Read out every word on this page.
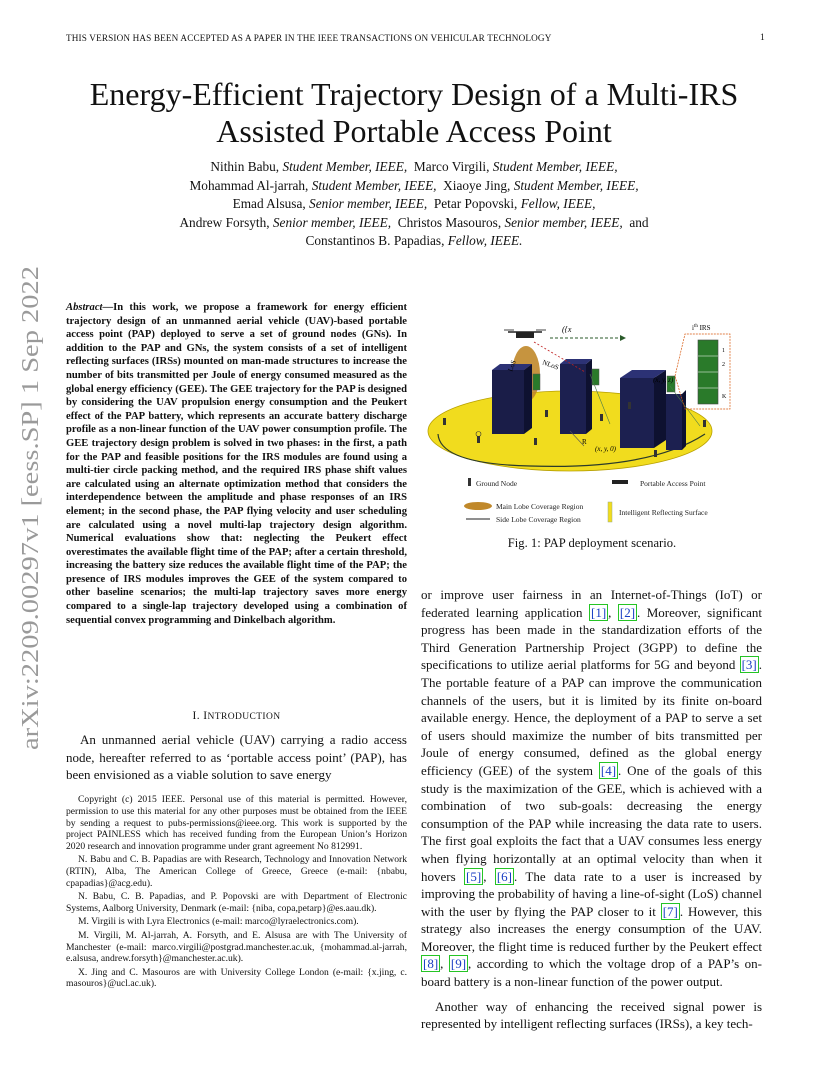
THIS VERSION HAS BEEN ACCEPTED AS A PAPER IN THE IEEE TRANSACTIONS ON VEHICULAR TECHNOLOGY	1
Energy-Efficient Trajectory Design of a Multi-IRS Assisted Portable Access Point
Nithin Babu, Student Member, IEEE, Marco Virgili, Student Member, IEEE,
Mohammad Al-jarrah, Student Member, IEEE, Xiaoye Jing, Student Member, IEEE,
Emad Alsusa, Senior member, IEEE, Petar Popovski, Fellow, IEEE,
Andrew Forsyth, Senior member, IEEE, Christos Masouros, Senior member, IEEE, and
Constantinos B. Papadias, Fellow, IEEE.
arXiv:2209.00297v1 [eess.SP] 1 Sep 2022
Abstract—In this work, we propose a framework for energy efficient trajectory design of an unmanned aerial vehicle (UAV)-based portable access point (PAP) deployed to serve a set of ground nodes (GNs). In addition to the PAP and GNs, the system consists of a set of intelligent reflecting surfaces (IRSs) mounted on man-made structures to increase the number of bits transmitted per Joule of energy consumed measured as the global energy efficiency (GEE). The GEE trajectory for the PAP is designed by considering the UAV propulsion energy consumption and the Peukert effect of the PAP battery, which represents an accurate battery discharge profile as a non-linear function of the UAV power consumption profile. The GEE trajectory design problem is solved in two phases: in the first, a path for the PAP and feasible positions for the IRS modules are found using a multi-tier circle packing method, and the required IRS phase shift values are calculated using an alternate optimization method that considers the interdependence between the amplitude and phase responses of an IRS element; in the second phase, the PAP flying velocity and user scheduling are calculated using a novel multi-lap trajectory design algorithm. Numerical evaluations show that: neglecting the Peukert effect overestimates the available flight time of the PAP; after a certain threshold, increasing the battery size reduces the available flight time of the PAP; the presence of IRS modules improves the GEE of the system compared to other baseline scenarios; the multi-lap trajectory saves more energy compared to a single-lap trajectory developed using a combination of sequential convex programming and Dinkelbach algorithm.
I. INTRODUCTION
An unmanned aerial vehicle (UAV) carrying a radio access node, hereafter referred to as ‘portable access point’ (PAP), has been envisioned as a viable solution to save energy

Copyright (c) 2015 IEEE. Personal use of this material is permitted. However, permission to use this material for any other purposes must be obtained from the IEEE by sending a request to pubs-permissions@ieee.org. This work is supported by the project PAINLESS which has received funding from the European Union’s Horizon 2020 research and innovation programme under grant agreement No 812991.

N. Babu and C. B. Papadias are with Research, Technology and Innovation Network (RTIN), Alba, The American College of Greece, Greece (e-mail: {nbabu, cpapadias}@acg.edu).

N. Babu, C. B. Papadias, and P. Popovski are with Department of Electronic Systems, Aalborg University, Denmark (e-mail: {niba, copa,petarp}@es.aau.dk).

M. Virgili is with Lyra Electronics (e-mail: marco@lyraelectronics.com).

M. Virgili, M. Al-jarrah, A. Forsyth, and E. Alsusa are with The University of Manchester (e-mail: marco.virgili@postgrad.manchester.ac.uk, {mohammad.al-jarrah, e.alsusa, andrew.forsyth}@manchester.ac.uk).

X. Jing and C. Masouros are with University College London (e-mail: {x.jing, c. masouros}@ucl.ac.uk).

({x
NLoS
LoS
R
(x, y, 0)
(x, y, z)
$i^{th}$ IRS
1
2
K
Ground Node	Portable Access Point
Main Lobe Coverage Region
Side Lobe Coverage Region
Intelligent Reflecting Surface
Fig. 1: PAP deployment scenario.

or improve user fairness in an Internet-of-Things (IoT) or federated learning application [1] , [2] . Moreover, significant progress has been made in the standardization efforts of the Third Generation Partnership Project (3GPP) to define the specifications to utilize aerial platforms for 5G and beyond [3] . The portable feature of a PAP can improve the communication channels of the users, but it is limited by its finite on-board available energy. Hence, the deployment of a PAP to serve a set of users should maximize the number of bits transmitted per Joule of energy consumed, defined as the global energy efficiency (GEE) of the system [4] . One of the goals of this study is the maximization of the GEE, which is achieved with a combination of two sub-goals: decreasing the energy consumption of the PAP while increasing the data rate to users. The first goal exploits the fact that a UAV consumes less energy when flying horizontally at an optimal velocity than when it hovers [5] , [6] . The data rate to a user is increased by improving the probability of having a line-of-sight (LoS) channel with the user by flying the PAP closer to it [7] . However, this strategy also increases the energy consumption of the UAV. Moreover, the flight time is reduced further by the Peukert effect [8] , [9] , according to which the voltage drop of a PAP’s on-board battery is a non-linear function of the power output.

Another way of enhancing the received signal power is represented by intelligent reflecting surfaces (IRSs), a key tech-
